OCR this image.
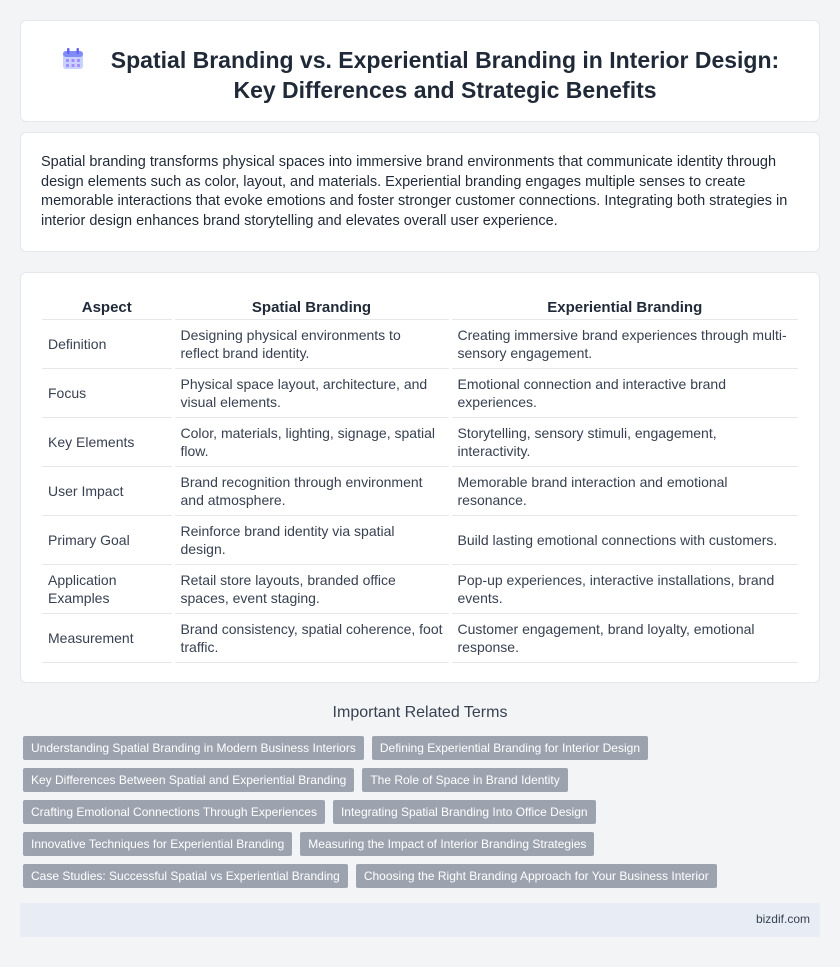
Spatial Branding vs. Experiential Branding in Interior Design: Key Differences and Strategic Benefits

Spatial branding transforms physical spaces into immersive brand environments that communicate identity through design elements such as color, layout, and materials. Experiential branding engages multiple senses to create memorable interactions that evoke emotions and foster stronger customer connections. Integrating both strategies in interior design enhances brand storytelling and elevates overall user experience.

Aspect	Spatial Branding	Experiential Branding
Definition	Designing physical environments to reflect brand identity.	Creating immersive brand experiences through multi-sensory engagement.
Focus	Physical space layout, architecture, and visual elements.	Emotional connection and interactive brand experiences.
Key Elements	Color, materials, lighting, signage, spatial flow.	Storytelling, sensory stimuli, engagement, interactivity.
User Impact	Brand recognition through environment and atmosphere.	Memorable brand interaction and emotional resonance.
Primary Goal	Reinforce brand identity via spatial design.	Build lasting emotional connections with customers.
Application Examples	Retail store layouts, branded office spaces, event staging.	Pop-up experiences, interactive installations, brand events.
Measurement	Brand consistency, spatial coherence, foot traffic.	Customer engagement, brand loyalty, emotional response.
Important Related Terms
Understanding Spatial Branding in Modern Business Interiors	Defining Experiential Branding for Interior Design
Key Differences Between Spatial and Experiential Branding	The Role of Space in Brand Identity
Crafting Emotional Connections Through Experiences	Integrating Spatial Branding Into Office Design
Innovative Techniques for Experiential Branding	Measuring the Impact of Interior Branding Strategies
Case Studies: Successful Spatial vs Experiential Branding	Choosing the Right Branding Approach for Your Business Interior
bizdif.com
